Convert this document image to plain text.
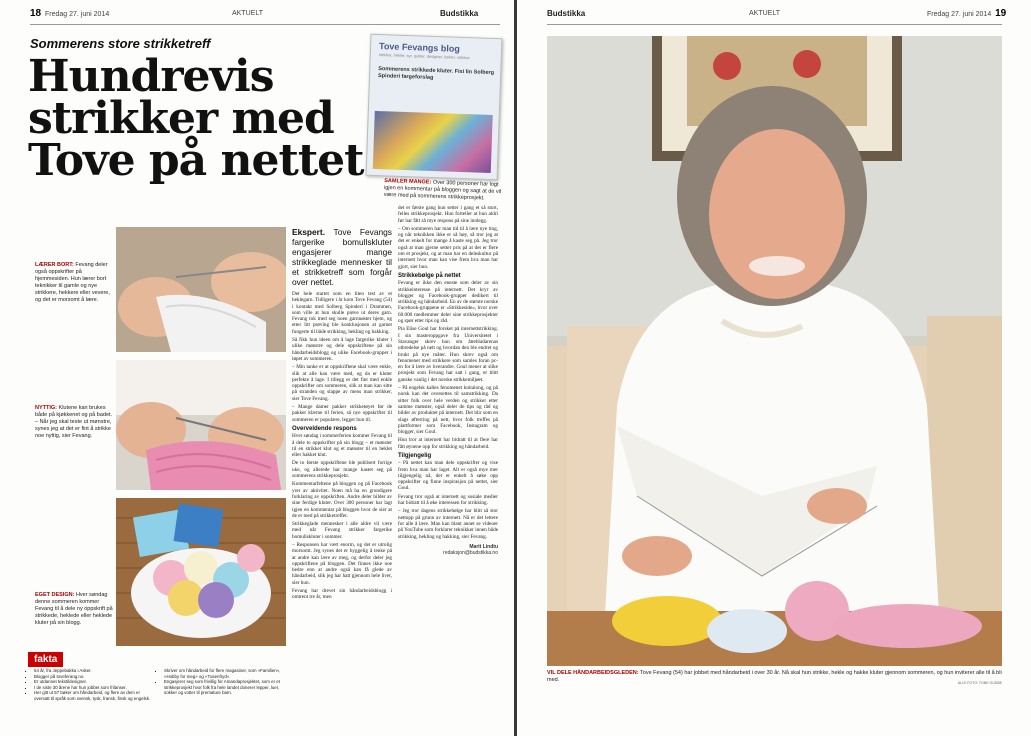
18 Fredag 27. juni 2014	AKTUELT	Budstikka
Sommerens store strikketreff
Hundrevis strikker med Tove på nettet
Tove Fevangs blog
strikker, hekler, syr, quilter, designer, hekler, strikker
Sommerens strikkede kluter. Fisi lin Solberg Spinderi fargeforslag
SAMLER MANGE: Over 300 personer har logt igjen en kommentar på bloggen og sagt at de vil være med på sommerens strikkeprosjekt.
LÆRER BORT: Fevang deler også oppskrifter på hjemmesiden. Hun lærer bort teknikker til gamle og nye strikkere, hekkere eller vevere, og det er morsomt å lære.
NYTTIG: Klutene kan brukes både på kjøkkenet og på badet. – Når jeg skal teste ut mønstre, synes jeg at det er fint å strikke noe nyttig, sier Fevang.
EGET DESIGN: Hver søndag denne sommeren kommer Fevang til å dele ny oppskrift på strikkede, heklede eller heklede kluter på sin blogg.
Ekspert. Tove Fevangs fargerike bomullskluter engasjerer mange strikkeglade mennesker til et strikketreff som forgår over nettet.

Det hele startet som en liten test av et heklegarn. Tidligere i år kom Tove Fevang (54) i kontakt med Solberg Spinderi i Drammen, som ville at hun skulle prøve ut deres garn. Fevang tok med seg noen garnnøster hjem, og etter litt prøving ble konklusjonen at garnet fungerte til både strikking, hekling og hakking.

Så fikk hun ideen om å lage fargerike kluter i ulike mønstre og dele oppskriftene på sin håndarbeidsblogg og ulike Facebook-grupper i løpet av sommeren.

– Min tanke er at oppskriftene skal være enkle, slik at alle kan være med, og da er kluter perfekte å lage. I tillegg er det fint med enkle oppskrifter om sommeren, slik at man kan sitte på stranden og slappe av mens man strikker, sier Tove Fevang.

– Mange damer pakker strikketøyet før de pakker klærne til ferien, så nye oppskrifter til sommeren er populære, legger hun til.

Overveldende respons

Hver søndag i sommerferien kommer Fevang til å dele to oppskrifter på sin blogg – et mønster til en strikket klut og et mønster til en heklet eller hakket klut.

De to første oppskriftene ble publisert forrige uke, og allerede har mange kastet seg på sommerens strikkeprosjekt.

Kommentarfeltene på bloggen og på Facebook yrer av aktivitet. Noen må ha en grundigere forklaring av oppskriften. Andre deler bilder av sine ferdige kluter. Over 300 personer har lagt igjen en kommentar på bloggen hvor de sier at de er med på strikketreffet.

Strikkeglade mennesker i alle aldre vil være med når Fevang strikker fargerike bomullskluter i sommer.

– Responsen har vært enorm, og det er utrolig morsomt. Jeg synes det er hyggelig å tenke på at andre kan lære av meg, og derfor deler jeg oppskriftene på bloggen. Det finnes ikke noe bedre enn at andre også kan få glede av håndarbeid, slik jeg har hatt gjennom hele livet, sier hun.

Fevang har drevet sin håndarbeidsblogg i omtrent tre år, men

det er første gang hun setter i gang et så stort, felles strikkeprosjekt. Hun forteller at hun aldri før har fått så mye respons på sine innlegg.

– Om sommeren har man tid til å lære nye ting, og når teknikken ikke er så høy, så tror jeg at det er enkelt for mange å kaste seg på. Jeg tror også at man gjerne setter pris på at det er flere om et prosjekt, og at man har en deleskultur på internett hvor man kan vise frem hva man har gjort, sier hun.

Strikkebølge på nettet

Fevang er ikke den eneste som deler av sin strikkeinteresse på internett. Det kryr av blogger og Facebook-grupper dedikert til strikking og håndarbeid. En av de største norske Facebook-gruppene er «Strikkeside», hvor over 60.000 medlemmer deler sine strikkeprosjekter og spør etter tips og råd.

Pia Elise Goul har forsket på internettstrikking. I sin masteroppgave fra Universitetet i Stavanger skrev hun om åttebladarenas utbredelse på nett og hvordan den ble endret og brukt på nye måter. Hun skrev også om fenomenet med strikkere som samles foran pc-en for å lære av hverandre. Goul mener at slike prosjekt som Fevang har satt i gang, er blitt ganske vanlig i det norske strikkemiljøet.

– På engelsk kalles fenomenet knitalong, og på norsk kan det oversettes til samstrikking. Da sitter folk over hele verden og strikker etter samme mønster, også deler de tips og råd og bilder av produktet på internett. Det blir som en slags øfterring på nett, hvor folk treffes på plattformer som Facebook, Instagram og blogger, sier Goul.

Hun tror at internett har bidratt til at flere har fått øynene opp for strikking og håndarbeid.

Tilgjengelig

– På nettet kan man dele oppskrifter og vise frem hva man har laget. Alt er også mye mer tilgjengelig nå, det er enkelt å søke opp oppskrifter og finne inspirasjon på nettet, sier Goul.

Fevang tror også at internett og sosiale medier har bidratt til å øke interessen for strikking.

– Jeg tror dagens strikkebølge har blitt så stor nettopp på grunn av internett. Nå er det lettere for alle å lære. Man kan blant annet se videoer på YouTube som forklarer teknikker innen både strikking, hekling og hakking, sier Fevang.

Marit Lindtu
redaksjon@budstikka.no
fakta
▪ 54 år, fra Jeppebakka i Asker.
▪ Blogger på toveferang.no.
▪ Er utdannet tekstildesigner.
▪ I de siste 30 årene har hun jobbet som frilanser.
▪ Her gitt ut 57 bøker om håndarbeid, og flere av dem er oversatt til språk som svensk, tysk, fransk, finsk og engelsk.
▪ Skriver om håndarbeid for flere magasiner, som «Familien», «Hobby for meg» og «Tusenfryd».
▪ Engasjerer seg som frivillig for Amandaprosjektet, som er et strikkeprosjekt hvor folk fra hele landet donerer lepper, luer, sokker og votter til premature barn.
Budstikka	AKTUELT	Fredag 27. juni 2014 19
VIL DELE HÅNDARBEIDSGLEDEN: Tove Fevang (54) har jobbet med håndarbeid i over 30 år. Nå skal hun strikke, hekle og hakke kluter gjennom sommeren, og hun inviterer alle til å bli med.	ALLE FOTO: TONE GUDBE
